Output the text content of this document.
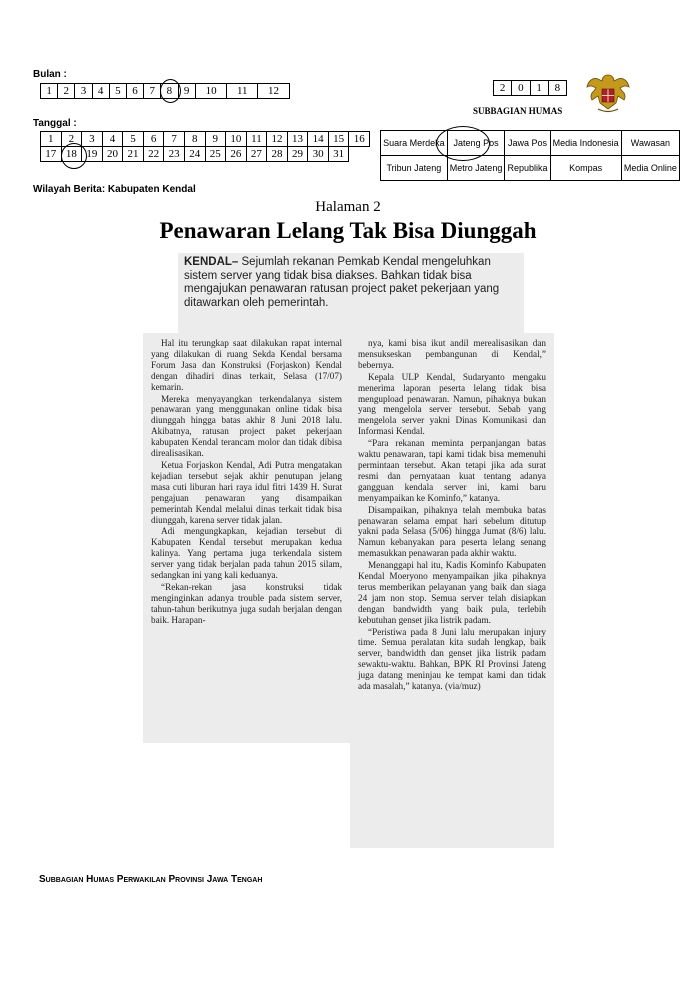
Bulan :
1	2	3	4	5	6	7	8	9	10	11	12
Tanggal :
1	2	3	4	5	6	7	8	9	10	11	12	13	14	15	16
17	18	19	20	21	22	23	24	25	26	27	28	29	30	31	
Wilayah Berita: Kabupaten Kendal
2	0	1	8
SUBBAGIAN HUMAS
Suara Merdeka	Jateng Pos	Jawa Pos	Media Indonesia	Wawasan
Tribun Jateng	Metro Jateng	Republika	Kompas	Media Online
Halaman 2
Penawaran Lelang Tak Bisa Diunggah
KENDAL– Sejumlah rekanan Pemkab Kendal mengeluhkan sistem server yang tidak bisa diakses. Bahkan tidak bisa mengajukan penawaran ratusan project paket pekerjaan yang ditawarkan oleh pemerintah.

Hal itu terungkap saat dilakukan rapat internal yang dilakukan di ruang Sekda Kendal bersama Forum Jasa dan Konstruksi (Forjaskon) Kendal dengan dihadiri dinas terkait, Selasa (17/07) kemarin.

Mereka menyayangkan terkendalanya sistem penawaran yang menggunakan online tidak bisa diunggah hingga batas akhir 8 Juni 2018 lalu. Akibatnya, ratusan project paket pekerjaan kabupaten Kendal terancam molor dan tidak dibisa direalisasikan.

Ketua Forjaskon Kendal, Adi Putra mengatakan kejadian tersebut sejak akhir penutupan jelang masa cuti liburan hari raya idul fitri 1439 H. Surat pengajuan penawaran yang disampaikan pemerintah Kendal melalui dinas terkait tidak bisa diunggah, karena server tidak jalan.

Adi mengungkapkan, kejadian tersebut di Kabupaten Kendal tersebut merupakan kedua kalinya. Yang pertama juga terkendala sistem server yang tidak berjalan pada tahun 2015 silam, sedangkan ini yang kali keduanya.

“Rekan-rekan jasa konstruksi tidak menginginkan adanya trouble pada sistem server, tahun-tahun berikutnya juga sudah berjalan dengan baik. Harapan-

nya, kami bisa ikut andil merealisasikan dan mensukseskan pembangunan di Kendal,” bebernya.

Kepala ULP Kendal, Sudaryanto mengaku menerima laporan peserta lelang tidak bisa mengupload penawaran. Namun, pihaknya bukan yang mengelola server tersebut. Sebab yang mengelola server yakni Dinas Komunikasi dan Informasi Kendal.

“Para rekanan meminta perpanjangan batas waktu penawaran, tapi kami tidak bisa memenuhi permintaan tersebut. Akan tetapi jika ada surat resmi dan pernyataan kuat tentang adanya gangguan kendala server ini, kami baru menyampaikan ke Kominfo,” katanya.

Disampaikan, pihaknya telah membuka batas penawaran selama empat hari sebelum ditutup yakni pada Selasa (5/06) hingga Jumat (8/6) lalu. Namun kebanyakan para peserta lelang senang memasukkan penawaran pada akhir waktu.

Menanggapi hal itu, Kadis Kominfo Kabupaten Kendal Moeryono menyampaikan jika pihaknya terus memberikan pelayanan yang baik dan siaga 24 jam non stop. Semua server telah disiapkan dengan bandwidth yang baik pula, terlebih kebutuhan genset jika listrik padam.

“Peristiwa pada 8 Juni lalu merupakan injury time. Semua peralatan kita sudah lengkap, baik server, bandwidth dan genset jika listrik padam sewaktu-waktu. Bahkan, BPK RI Provinsi Jateng juga datang meninjau ke tempat kami dan tidak ada masalah,” katanya. (via/muz)

Subbagian Humas Perwakilan Provinsi Jawa Tengah
